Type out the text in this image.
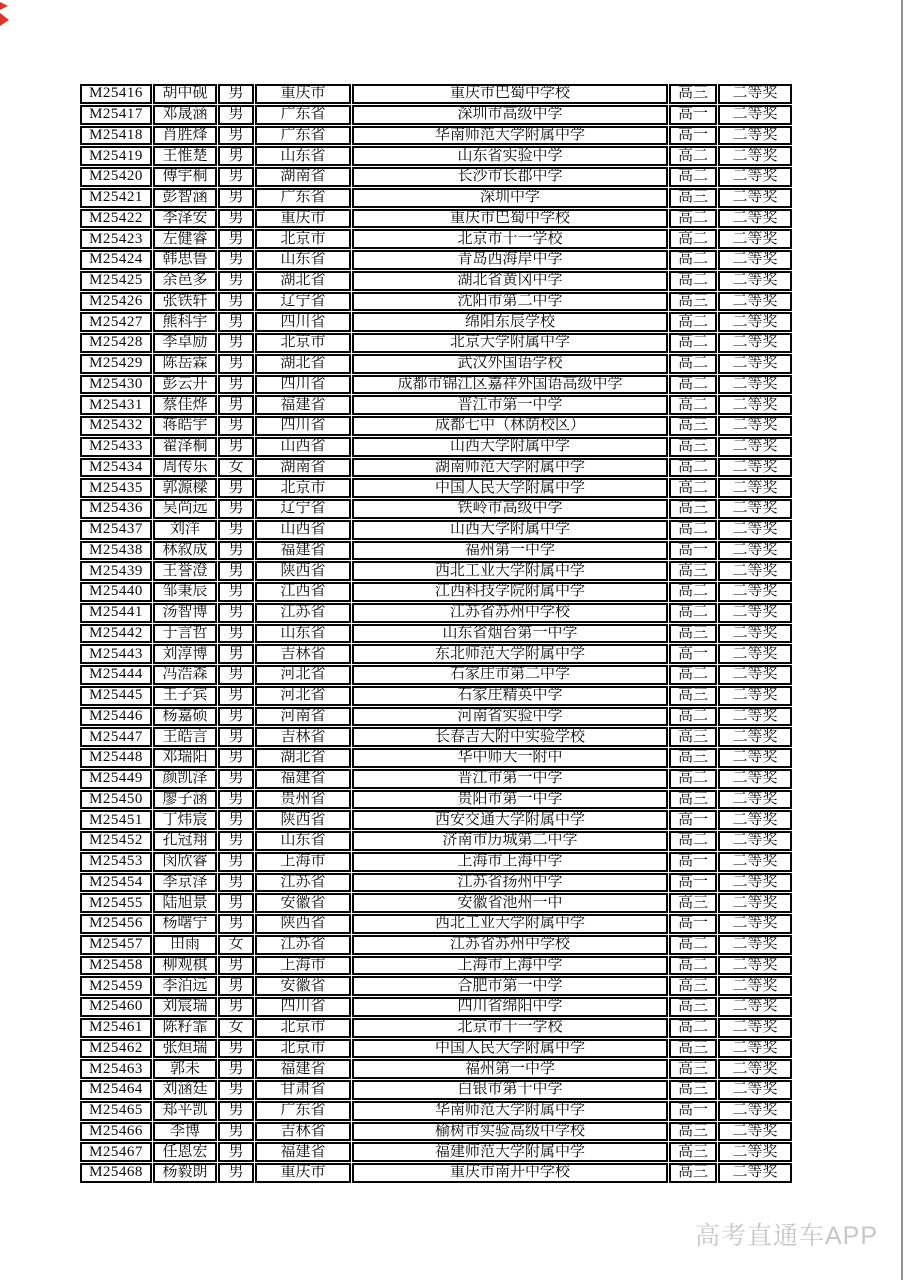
M25416	胡中砚	男	重庆市	重庆市巴蜀中学校	高三	二等奖
M25417	邓晟涵	男	广东省	深圳市高级中学	高一	二等奖
M25418	肖胜烽	男	广东省	华南师范大学附属中学	高一	二等奖
M25419	王惟楚	男	山东省	山东省实验中学	高二	二等奖
M25420	傅宇桐	男	湖南省	长沙市长郡中学	高二	二等奖
M25421	彭智涵	男	广东省	深圳中学	高三	二等奖
M25422	李泽安	男	重庆市	重庆市巴蜀中学校	高二	二等奖
M25423	左健睿	男	北京市	北京市十一学校	高二	二等奖
M25424	韩思鲁	男	山东省	青岛西海岸中学	高二	二等奖
M25425	余邑多	男	湖北省	湖北省黄冈中学	高二	二等奖
M25426	张铁轩	男	辽宁省	沈阳市第二中学	高三	二等奖
M25427	熊科宇	男	四川省	绵阳东辰学校	高二	二等奖
M25428	李卓励	男	北京市	北京大学附属中学	高二	二等奖
M25429	陈岳霖	男	湖北省	武汉外国语学校	高二	二等奖
M25430	彭云开	男	四川省	成都市锦江区嘉祥外国语高级中学	高二	二等奖
M25431	蔡佳烨	男	福建省	晋江市第一中学	高二	二等奖
M25432	蒋皓宇	男	四川省	成都七中（林荫校区）	高三	二等奖
M25433	翟泽桐	男	山西省	山西大学附属中学	高三	二等奖
M25434	周传乐	女	湖南省	湖南师范大学附属中学	高二	二等奖
M25435	郭源樑	男	北京市	中国人民大学附属中学	高二	二等奖
M25436	吴尚远	男	辽宁省	铁岭市高级中学	高三	二等奖
M25437	刘洋	男	山西省	山西大学附属中学	高二	二等奖
M25438	林叙成	男	福建省	福州第一中学	高一	二等奖
M25439	王誉澄	男	陕西省	西北工业大学附属中学	高三	二等奖
M25440	邹秉辰	男	江西省	江西科技学院附属中学	高二	二等奖
M25441	汤智博	男	江苏省	江苏省苏州中学校	高二	二等奖
M25442	于言哲	男	山东省	山东省烟台第一中学	高三	二等奖
M25443	刘淳博	男	吉林省	东北师范大学附属中学	高一	二等奖
M25444	冯浩森	男	河北省	石家庄市第二中学	高二	二等奖
M25445	王子宾	男	河北省	石家庄精英中学	高三	二等奖
M25446	杨嘉硕	男	河南省	河南省实验中学	高二	二等奖
M25447	王皓言	男	吉林省	长春吉大附中实验学校	高三	二等奖
M25448	邓瑞阳	男	湖北省	华中师大一附中	高三	二等奖
M25449	颜凯泽	男	福建省	晋江市第一中学	高二	二等奖
M25450	廖子涵	男	贵州省	贵阳市第一中学	高三	二等奖
M25451	丁炜宸	男	陕西省	西安交通大学附属中学	高一	二等奖
M25452	孔冠翔	男	山东省	济南市历城第二中学	高二	二等奖
M25453	闵欣睿	男	上海市	上海市上海中学	高一	二等奖
M25454	李京泽	男	江苏省	江苏省扬州中学	高一	二等奖
M25455	陆旭景	男	安徽省	安徽省池州一中	高三	二等奖
M25456	杨曙宁	男	陕西省	西北工业大学附属中学	高一	二等奖
M25457	田雨	女	江苏省	江苏省苏州中学校	高二	二等奖
M25458	柳观棋	男	上海市	上海市上海中学	高二	二等奖
M25459	李泊远	男	安徽省	合肥市第一中学	高三	二等奖
M25460	刘宸瑞	男	四川省	四川省绵阳中学	高三	二等奖
M25461	陈籽霏	女	北京市	北京市十一学校	高二	二等奖
M25462	张烜瑞	男	北京市	中国人民大学附属中学	高三	二等奖
M25463	郭未	男	福建省	福州第一中学	高三	二等奖
M25464	刘涵廷	男	甘肃省	白银市第十中学	高三	二等奖
M25465	郑平凯	男	广东省	华南师范大学附属中学	高一	二等奖
M25466	李博	男	吉林省	榆树市实验高级中学校	高三	二等奖
M25467	任恩宏	男	福建省	福建师范大学附属中学	高三	二等奖
M25468	杨毅朗	男	重庆市	重庆市南开中学校	高三	二等奖
高考直通车APP
